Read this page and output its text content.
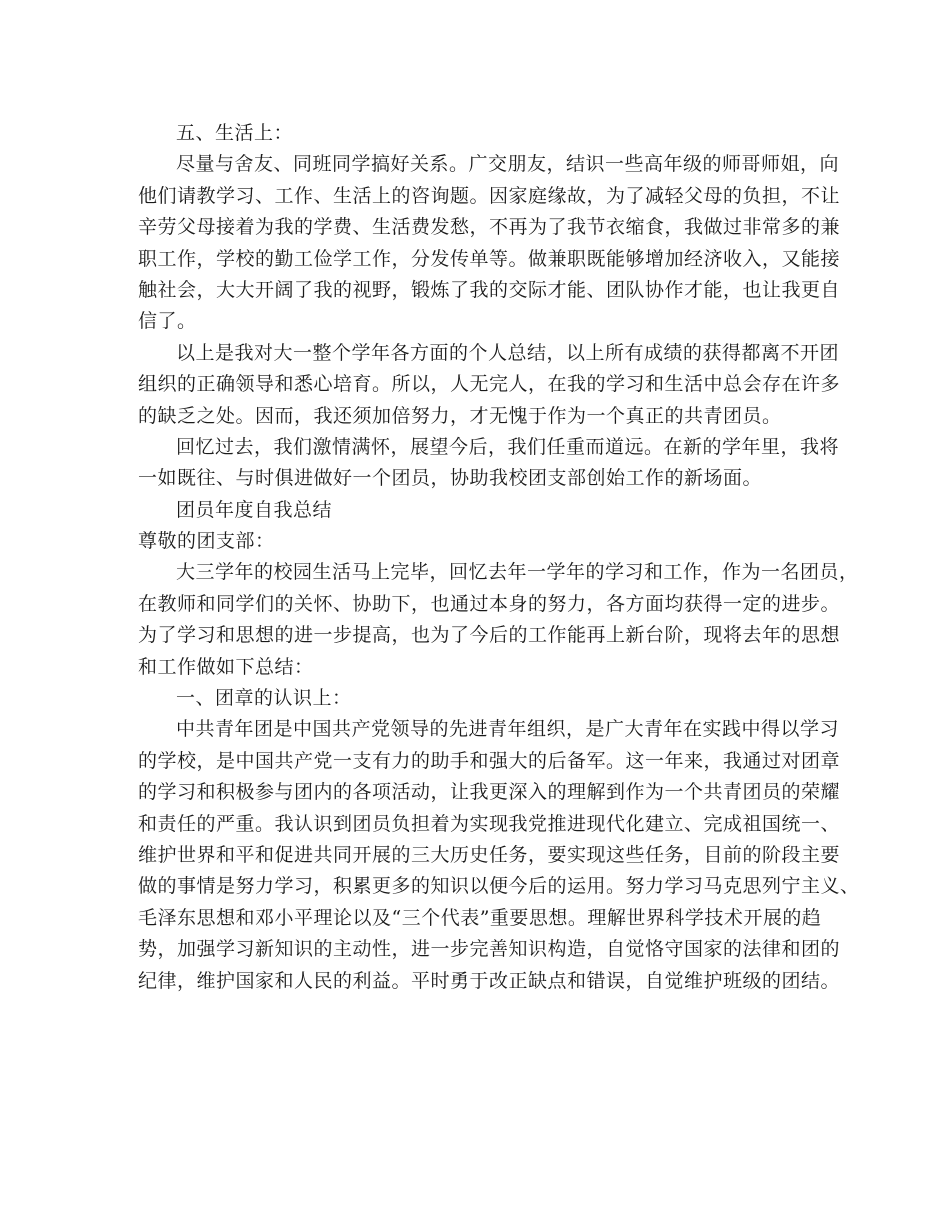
五、生活上：
尽量与舍友、同班同学搞好关系。广交朋友，结识一些高年级的师哥师姐，向
他们请教学习、工作、生活上的咨询题。因家庭缘故，为了减轻父母的负担，不让
辛劳父母接着为我的学费、生活费发愁，不再为了我节衣缩食，我做过非常多的兼
职工作，学校的勤工俭学工作，分发传单等。做兼职既能够增加经济收入，又能接
触社会，大大开阔了我的视野，锻炼了我的交际才能、团队协作才能，也让我更自
信了。
以上是我对大一整个学年各方面的个人总结，以上所有成绩的获得都离不开团
组织的正确领导和悉心培育。所以，人无完人，在我的学习和生活中总会存在许多
的缺乏之处。因而，我还须加倍努力，才无愧于作为一个真正的共青团员。
回忆过去，我们激情满怀，展望今后，我们任重而道远。在新的学年里，我将
一如既往、与时俱进做好一个团员，协助我校团支部创始工作的新场面。
团员年度自我总结
尊敬的团支部：
大三学年的校园生活马上完毕，回忆去年一学年的学习和工作，作为一名团员，
在教师和同学们的关怀、协助下，也通过本身的努力，各方面均获得一定的进步。
为了学习和思想的进一步提高，也为了今后的工作能再上新台阶，现将去年的思想
和工作做如下总结：
一、团章的认识上：
中共青年团是中国共产党领导的先进青年组织，是广大青年在实践中得以学习
的学校，是中国共产党一支有力的助手和强大的后备军。这一年来，我通过对团章
的学习和积极参与团内的各项活动，让我更深入的理解到作为一个共青团员的荣耀
和责任的严重。我认识到团员负担着为实现我党推进现代化建立、完成祖国统一、
维护世界和平和促进共同开展的三大历史任务，要实现这些任务，目前的阶段主要
做的事情是努力学习，积累更多的知识以便今后的运用。努力学习马克思列宁主义、
毛泽东思想和邓小平理论以及“三个代表”重要思想。理解世界科学技术开展的趋
势，加强学习新知识的主动性，进一步完善知识构造，自觉恪守国家的法律和团的
纪律，维护国家和人民的利益。平时勇于改正缺点和错误，自觉维护班级的团结。
